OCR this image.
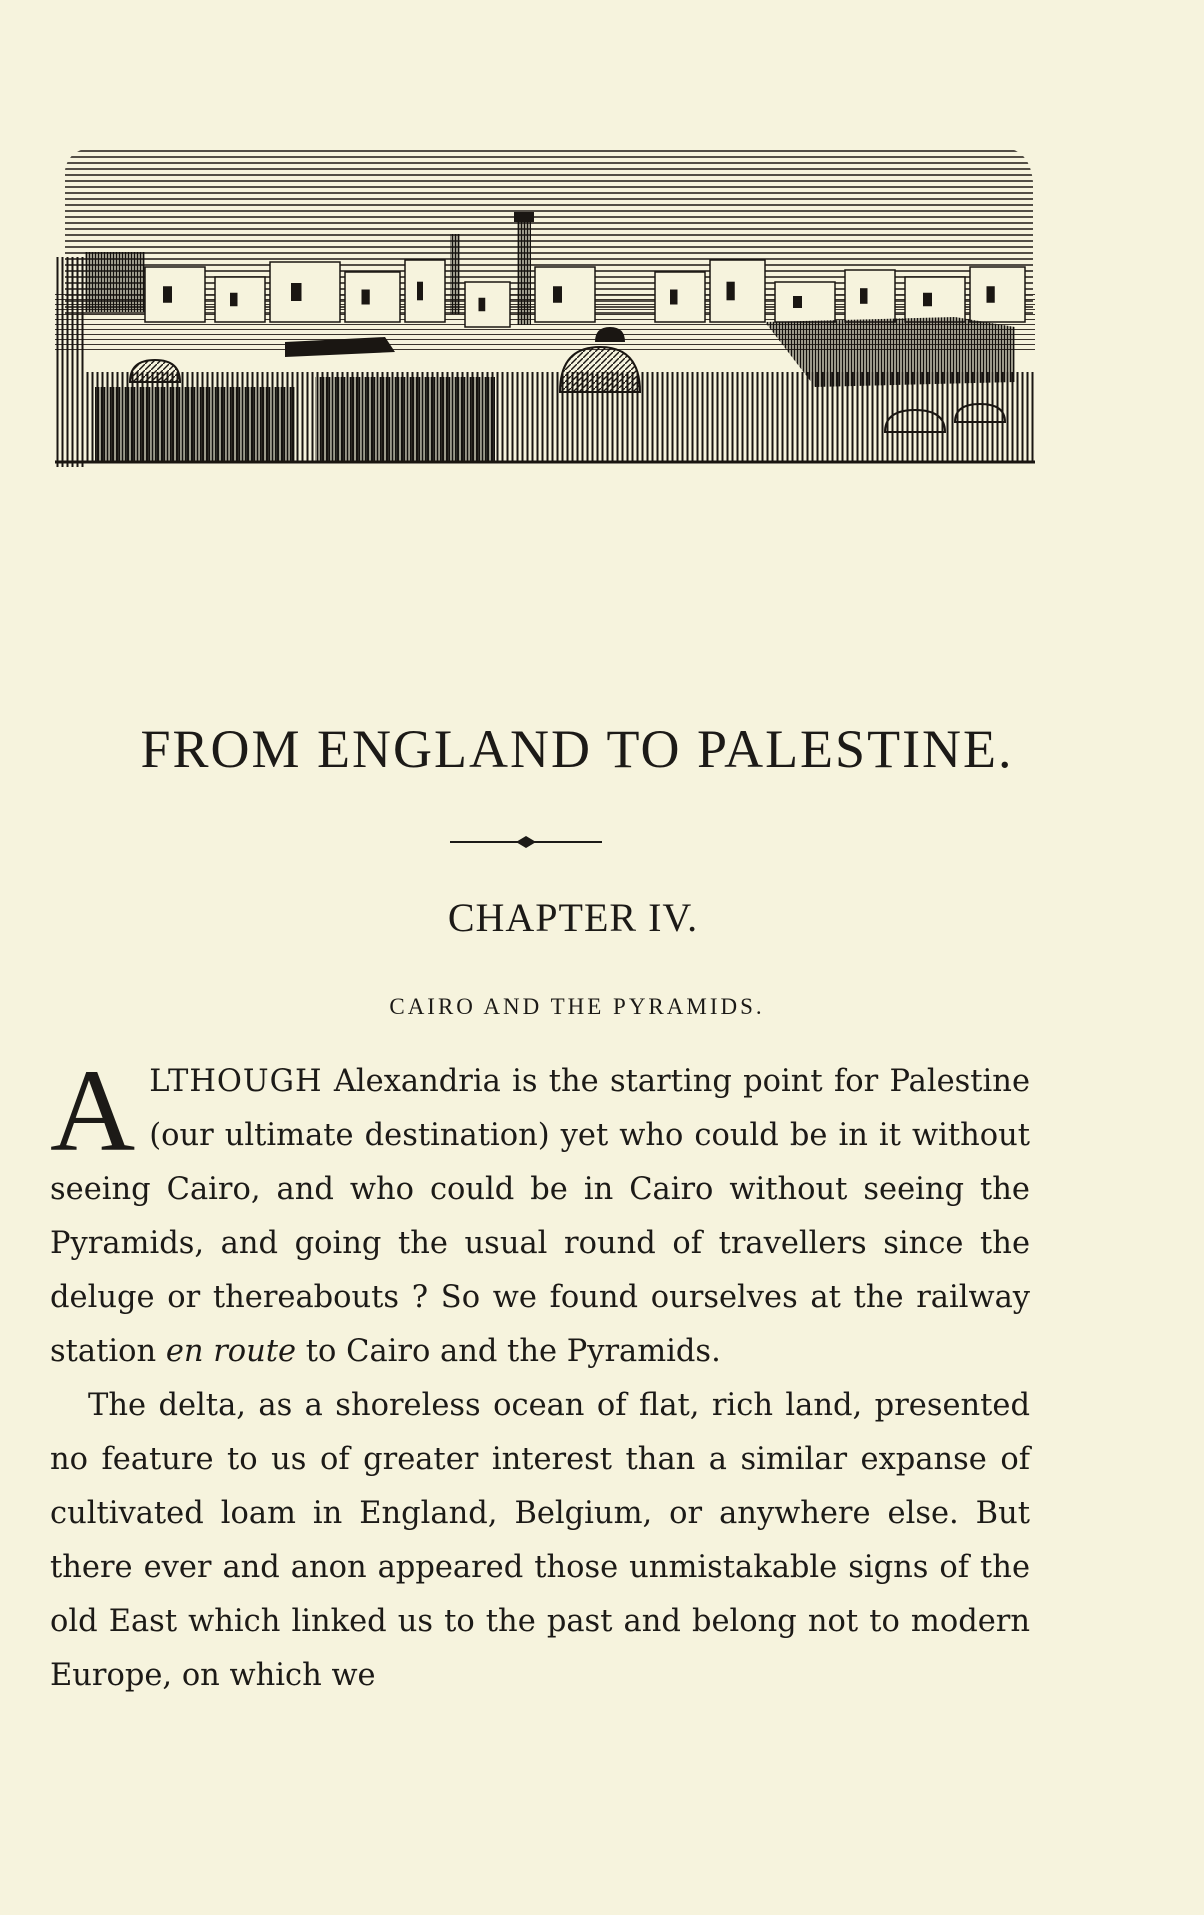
FROM ENGLAND TO PALESTINE.
CHAPTER IV.
CAIRO AND THE PYRAMIDS.

ALTHOUGH Alexandria is the starting point for Palestine (our ultimate destination) yet who could be in it without seeing Cairo, and who could be in Cairo without seeing the Pyramids, and going the usual round of travellers since the deluge or thereabouts ? So we found ourselves at the railway station en route to Cairo and the Pyramids.

The delta, as a shoreless ocean of flat, rich land, presented no feature to us of greater interest than a similar expanse of cultivated loam in England, Belgium, or anywhere else. But there ever and anon appeared those unmistakable signs of the old East which linked us to the past and belong not to modern Europe, on which we
